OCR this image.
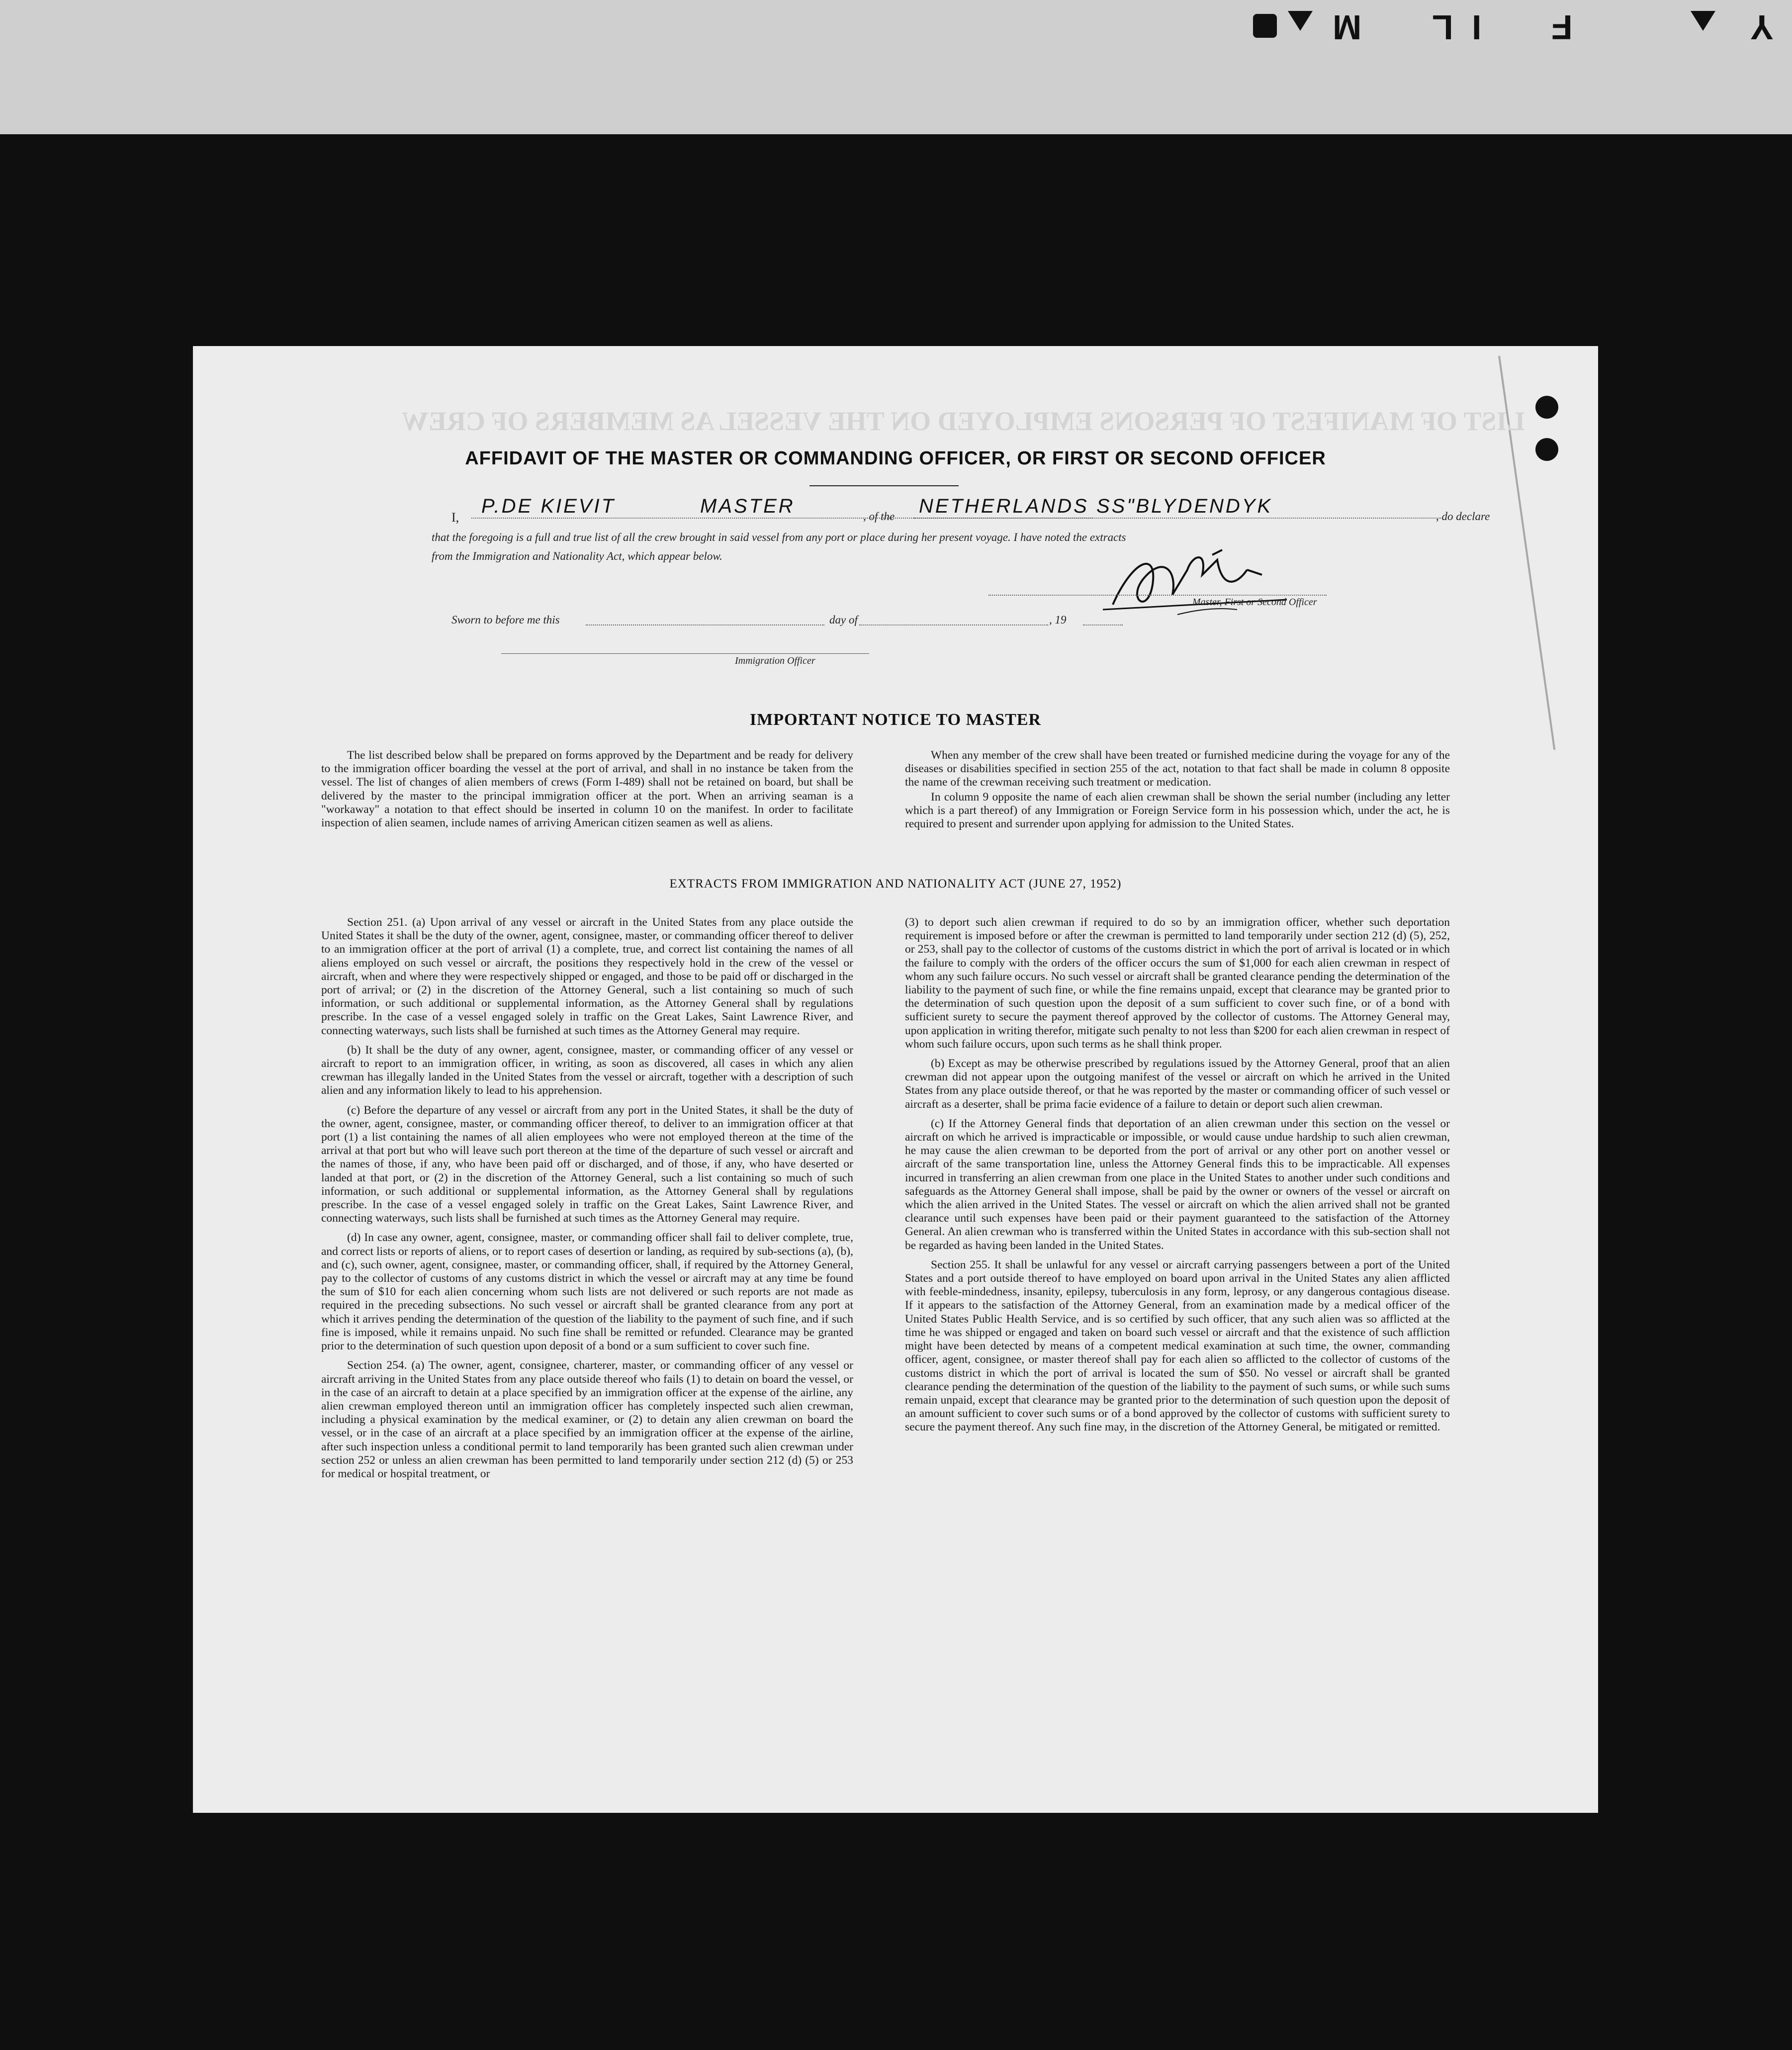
Y
F
I
L
M
LIST OF MANIFEST OF PERSONS EMPLOYED ON THE VESSEL AS MEMBERS OF CREW
AFFIDAVIT OF THE MASTER OR COMMANDING OFFICER, OR FIRST OR SECOND OFFICER
I,
P.DE KIEVIT	MASTER	, of the NETHERLANDS SS"BLYDENDYK	, do declare
that the foregoing is a full and true list of all the crew brought in said vessel from any port or place during her present voyage. I have noted the extracts
from the Immigration and Nationality Act, which appear below.
Master, First or Second Officer
Sworn to before me this	day of	, 19
Immigration Officer
IMPORTANT NOTICE TO MASTER

The list described below shall be prepared on forms approved by the Department and be ready for delivery to the immigration officer boarding the vessel at the port of arrival, and shall in no instance be taken from the vessel. The list of changes of alien members of crews (Form I-489) shall not be retained on board, but shall be delivered by the master to the principal immigration officer at the port. When an arriving seaman is a "workaway" a notation to that effect should be inserted in column 10 on the manifest. In order to facilitate inspection of alien seamen, include names of arriving American citizen seamen as well as aliens.

When any member of the crew shall have been treated or furnished medicine during the voyage for any of the diseases or disabilities specified in section 255 of the act, notation to that fact shall be made in column 8 opposite the name of the crewman receiving such treatment or medication.

In column 9 opposite the name of each alien crewman shall be shown the serial number (including any letter which is a part thereof) of any Immigration or Foreign Service form in his possession which, under the act, he is required to present and surrender upon applying for admission to the United States.

EXTRACTS FROM IMMIGRATION AND NATIONALITY ACT (JUNE 27, 1952)

Section 251. (a) Upon arrival of any vessel or aircraft in the United States from any place outside the United States it shall be the duty of the owner, agent, consignee, master, or commanding officer thereof to deliver to an immigration officer at the port of arrival (1) a complete, true, and correct list containing the names of all aliens employed on such vessel or aircraft, the positions they respectively hold in the crew of the vessel or aircraft, when and where they were respectively shipped or engaged, and those to be paid off or discharged in the port of arrival; or (2) in the discretion of the Attorney General, such a list containing so much of such information, or such additional or supplemental information, as the Attorney General shall by regulations prescribe. In the case of a vessel engaged solely in traffic on the Great Lakes, Saint Lawrence River, and connecting waterways, such lists shall be furnished at such times as the Attorney General may require.

(b) It shall be the duty of any owner, agent, consignee, master, or commanding officer of any vessel or aircraft to report to an immigration officer, in writing, as soon as discovered, all cases in which any alien crewman has illegally landed in the United States from the vessel or aircraft, together with a description of such alien and any information likely to lead to his apprehension.

(c) Before the departure of any vessel or aircraft from any port in the United States, it shall be the duty of the owner, agent, consignee, master, or commanding officer thereof, to deliver to an immigration officer at that port (1) a list containing the names of all alien employees who were not employed thereon at the time of the arrival at that port but who will leave such port thereon at the time of the departure of such vessel or aircraft and the names of those, if any, who have been paid off or discharged, and of those, if any, who have deserted or landed at that port, or (2) in the discretion of the Attorney General, such a list containing so much of such information, or such additional or supplemental information, as the Attorney General shall by regulations prescribe. In the case of a vessel engaged solely in traffic on the Great Lakes, Saint Lawrence River, and connecting waterways, such lists shall be furnished at such times as the Attorney General may require.

(d) In case any owner, agent, consignee, master, or commanding officer shall fail to deliver complete, true, and correct lists or reports of aliens, or to report cases of desertion or landing, as required by sub-sections (a), (b), and (c), such owner, agent, consignee, master, or commanding officer, shall, if required by the Attorney General, pay to the collector of customs of any customs district in which the vessel or aircraft may at any time be found the sum of $10 for each alien concerning whom such lists are not delivered or such reports are not made as required in the preceding subsections. No such vessel or aircraft shall be granted clearance from any port at which it arrives pending the determination of the question of the liability to the payment of such fine, and if such fine is imposed, while it remains unpaid. No such fine shall be remitted or refunded. Clearance may be granted prior to the determination of such question upon deposit of a bond or a sum sufficient to cover such fine.

Section 254. (a) The owner, agent, consignee, charterer, master, or commanding officer of any vessel or aircraft arriving in the United States from any place outside thereof who fails (1) to detain on board the vessel, or in the case of an aircraft to detain at a place specified by an immigration officer at the expense of the airline, any alien crewman employed thereon until an immigration officer has completely inspected such alien crewman, including a physical examination by the medical examiner, or (2) to detain any alien crewman on board the vessel, or in the case of an aircraft at a place specified by an immigration officer at the expense of the airline, after such inspection unless a conditional permit to land temporarily has been granted such alien crewman under section 252 or unless an alien crewman has been permitted to land temporarily under section 212 (d) (5) or 253 for medical or hospital treatment, or

(3) to deport such alien crewman if required to do so by an immigration officer, whether such deportation requirement is imposed before or after the crewman is permitted to land temporarily under section 212 (d) (5), 252, or 253, shall pay to the collector of customs of the customs district in which the port of arrival is located or in which the failure to comply with the orders of the officer occurs the sum of $1,000 for each alien crewman in respect of whom any such failure occurs. No such vessel or aircraft shall be granted clearance pending the determination of the liability to the payment of such fine, or while the fine remains unpaid, except that clearance may be granted prior to the determination of such question upon the deposit of a sum sufficient to cover such fine, or of a bond with sufficient surety to secure the payment thereof approved by the collector of customs. The Attorney General may, upon application in writing therefor, mitigate such penalty to not less than $200 for each alien crewman in respect of whom such failure occurs, upon such terms as he shall think proper.

(b) Except as may be otherwise prescribed by regulations issued by the Attorney General, proof that an alien crewman did not appear upon the outgoing manifest of the vessel or aircraft on which he arrived in the United States from any place outside thereof, or that he was reported by the master or commanding officer of such vessel or aircraft as a deserter, shall be prima facie evidence of a failure to detain or deport such alien crewman.

(c) If the Attorney General finds that deportation of an alien crewman under this section on the vessel or aircraft on which he arrived is impracticable or impossible, or would cause undue hardship to such alien crewman, he may cause the alien crewman to be deported from the port of arrival or any other port on another vessel or aircraft of the same transportation line, unless the Attorney General finds this to be impracticable. All expenses incurred in transferring an alien crewman from one place in the United States to another under such conditions and safeguards as the Attorney General shall impose, shall be paid by the owner or owners of the vessel or aircraft on which the alien arrived in the United States. The vessel or aircraft on which the alien arrived shall not be granted clearance until such expenses have been paid or their payment guaranteed to the satisfaction of the Attorney General. An alien crewman who is transferred within the United States in accordance with this sub-section shall not be regarded as having been landed in the United States.

Section 255. It shall be unlawful for any vessel or aircraft carrying passengers between a port of the United States and a port outside thereof to have employed on board upon arrival in the United States any alien afflicted with feeble-mindedness, insanity, epilepsy, tuberculosis in any form, leprosy, or any dangerous contagious disease. If it appears to the satisfaction of the Attorney General, from an examination made by a medical officer of the United States Public Health Service, and is so certified by such officer, that any such alien was so afflicted at the time he was shipped or engaged and taken on board such vessel or aircraft and that the existence of such affliction might have been detected by means of a competent medical examination at such time, the owner, commanding officer, agent, consignee, or master thereof shall pay for each alien so afflicted to the collector of customs of the customs district in which the port of arrival is located the sum of $50. No vessel or aircraft shall be granted clearance pending the determination of the question of the liability to the payment of such sums, or while such sums remain unpaid, except that clearance may be granted prior to the determination of such question upon the deposit of an amount sufficient to cover such sums or of a bond approved by the collector of customs with sufficient surety to secure the payment thereof. Any such fine may, in the discretion of the Attorney General, be mitigated or remitted.
